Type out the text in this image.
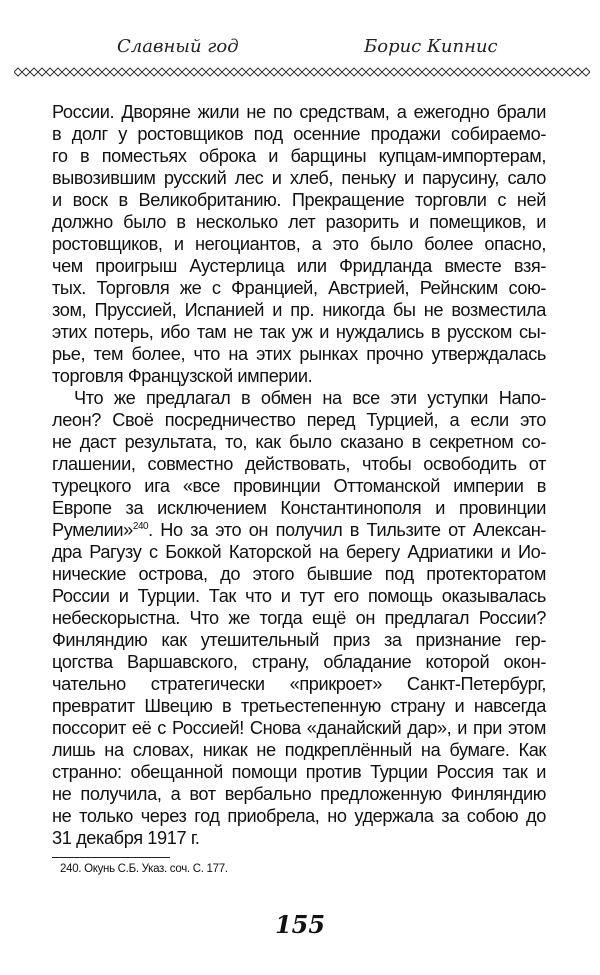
Славный год	Борис Кипнис
России. Дворяне жили не по средствам, а ежегодно брали
в долг у ростовщиков под осенние продажи собираемо-
го в поместьях оброка и барщины купцам-импортерам,
вывозившим русский лес и хлеб, пеньку и парусину, сало
и воск в Великобританию. Прекращение торговли с ней
должно было в несколько лет разорить и помещиков, и
ростовщиков, и негоциантов, а это было более опасно,
чем проигрыш Аустерлица или Фридланда вместе взя-
тых. Торговля же с Францией, Австрией, Рейнским сою-
зом, Пруссией, Испанией и пр. никогда бы не возместила
этих потерь, ибо там не так уж и нуждались в русском сы-
рье, тем более, что на этих рынках прочно утверждалась
торговля Французской империи.
Что же предлагал в обмен на все эти уступки Напо-
леон? Своё посредничество перед Турцией, а если это
не даст результата, то, как было сказано в секретном со-
глашении, совместно действовать, чтобы освободить от
турецкого ига «все провинции Оттоманской империи в
Европе за исключением Константинополя и провинции
Румелии»$^{240}$. Но за это он получил в Тильзите от Алексан-
дра Рагузу с Боккой Каторской на берегу Адриатики и Ио-
нические острова, до этого бывшие под протекторатом
России и Турции. Так что и тут его помощь оказывалась
небескорыстна. Что же тогда ещё он предлагал России?
Финляндию как утешительный приз за признание гер-
цогства Варшавского, страну, обладание которой окон-
чательно стратегически «прикроет» Санкт-Петербург,
превратит Швецию в третьестепенную страну и навсегда
поссорит её с Россией! Снова «данайский дар», и при этом
лишь на словах, никак не подкреплённый на бумаге. Как
странно: обещанной помощи против Турции Россия так и
не получила, а вот вербально предложенную Финляндию
не только через год приобрела, но удержала за собою до
31 декабря 1917 г.
240. Окунь С.Б. Указ. соч. С. 177.
155
